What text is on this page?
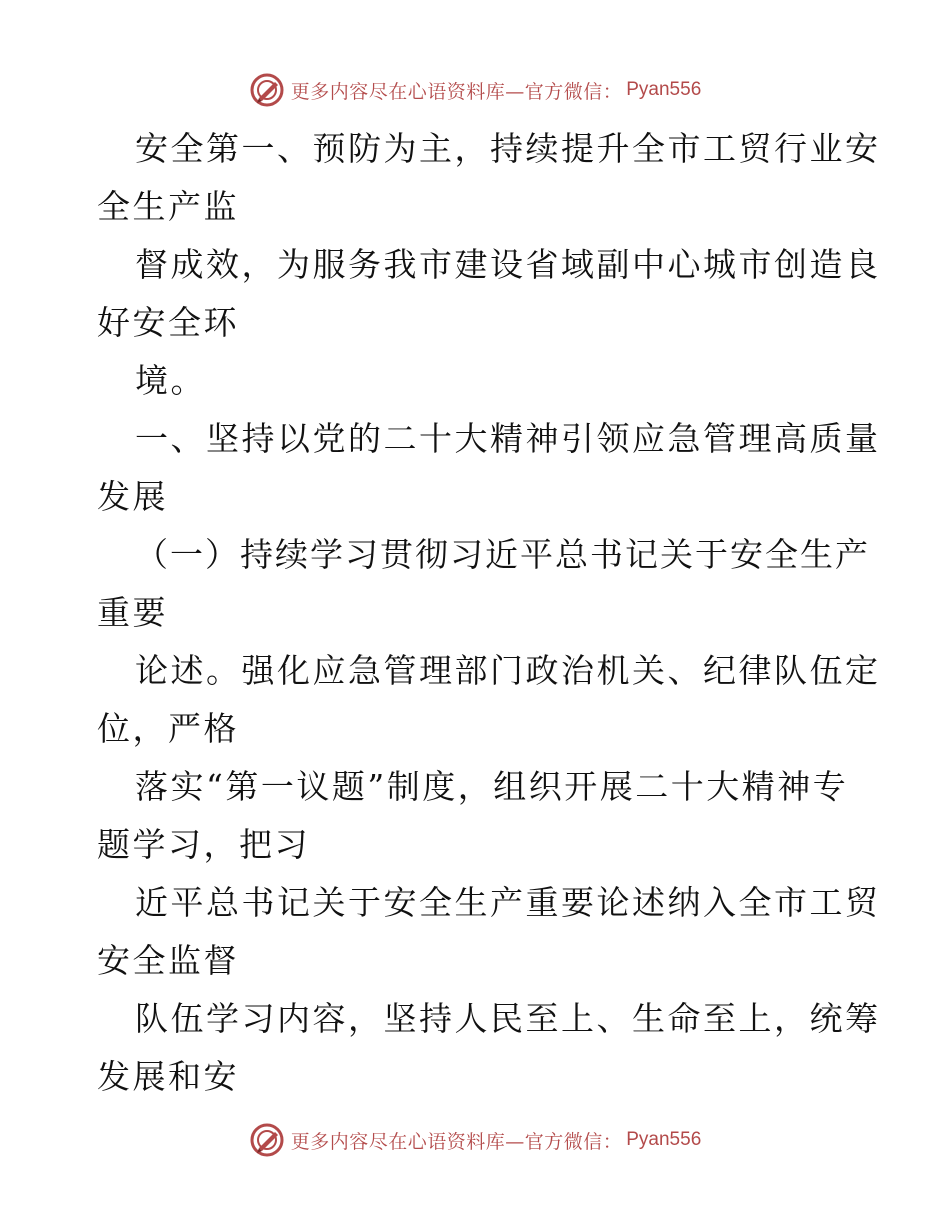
更多内容尽在心语资料库—官方微信： Pyan556
安全第一、预防为主，持续提升全市工贸行业安
全生产监
督成效，为服务我市建设省域副中心城市创造良
好安全环
境。
一、坚持以党的二十大精神引领应急管理高质量
发展
（一）持续学习贯彻习近平总书记关于安全生产
重要
论述。强化应急管理部门政治机关、纪律队伍定
位，严格
落实“第一议题”制度，组织开展二十大精神专
题学习，把习
近平总书记关于安全生产重要论述纳入全市工贸
安全监督
队伍学习内容，坚持人民至上、生命至上，统筹
发展和安
更多内容尽在心语资料库—官方微信： Pyan556
